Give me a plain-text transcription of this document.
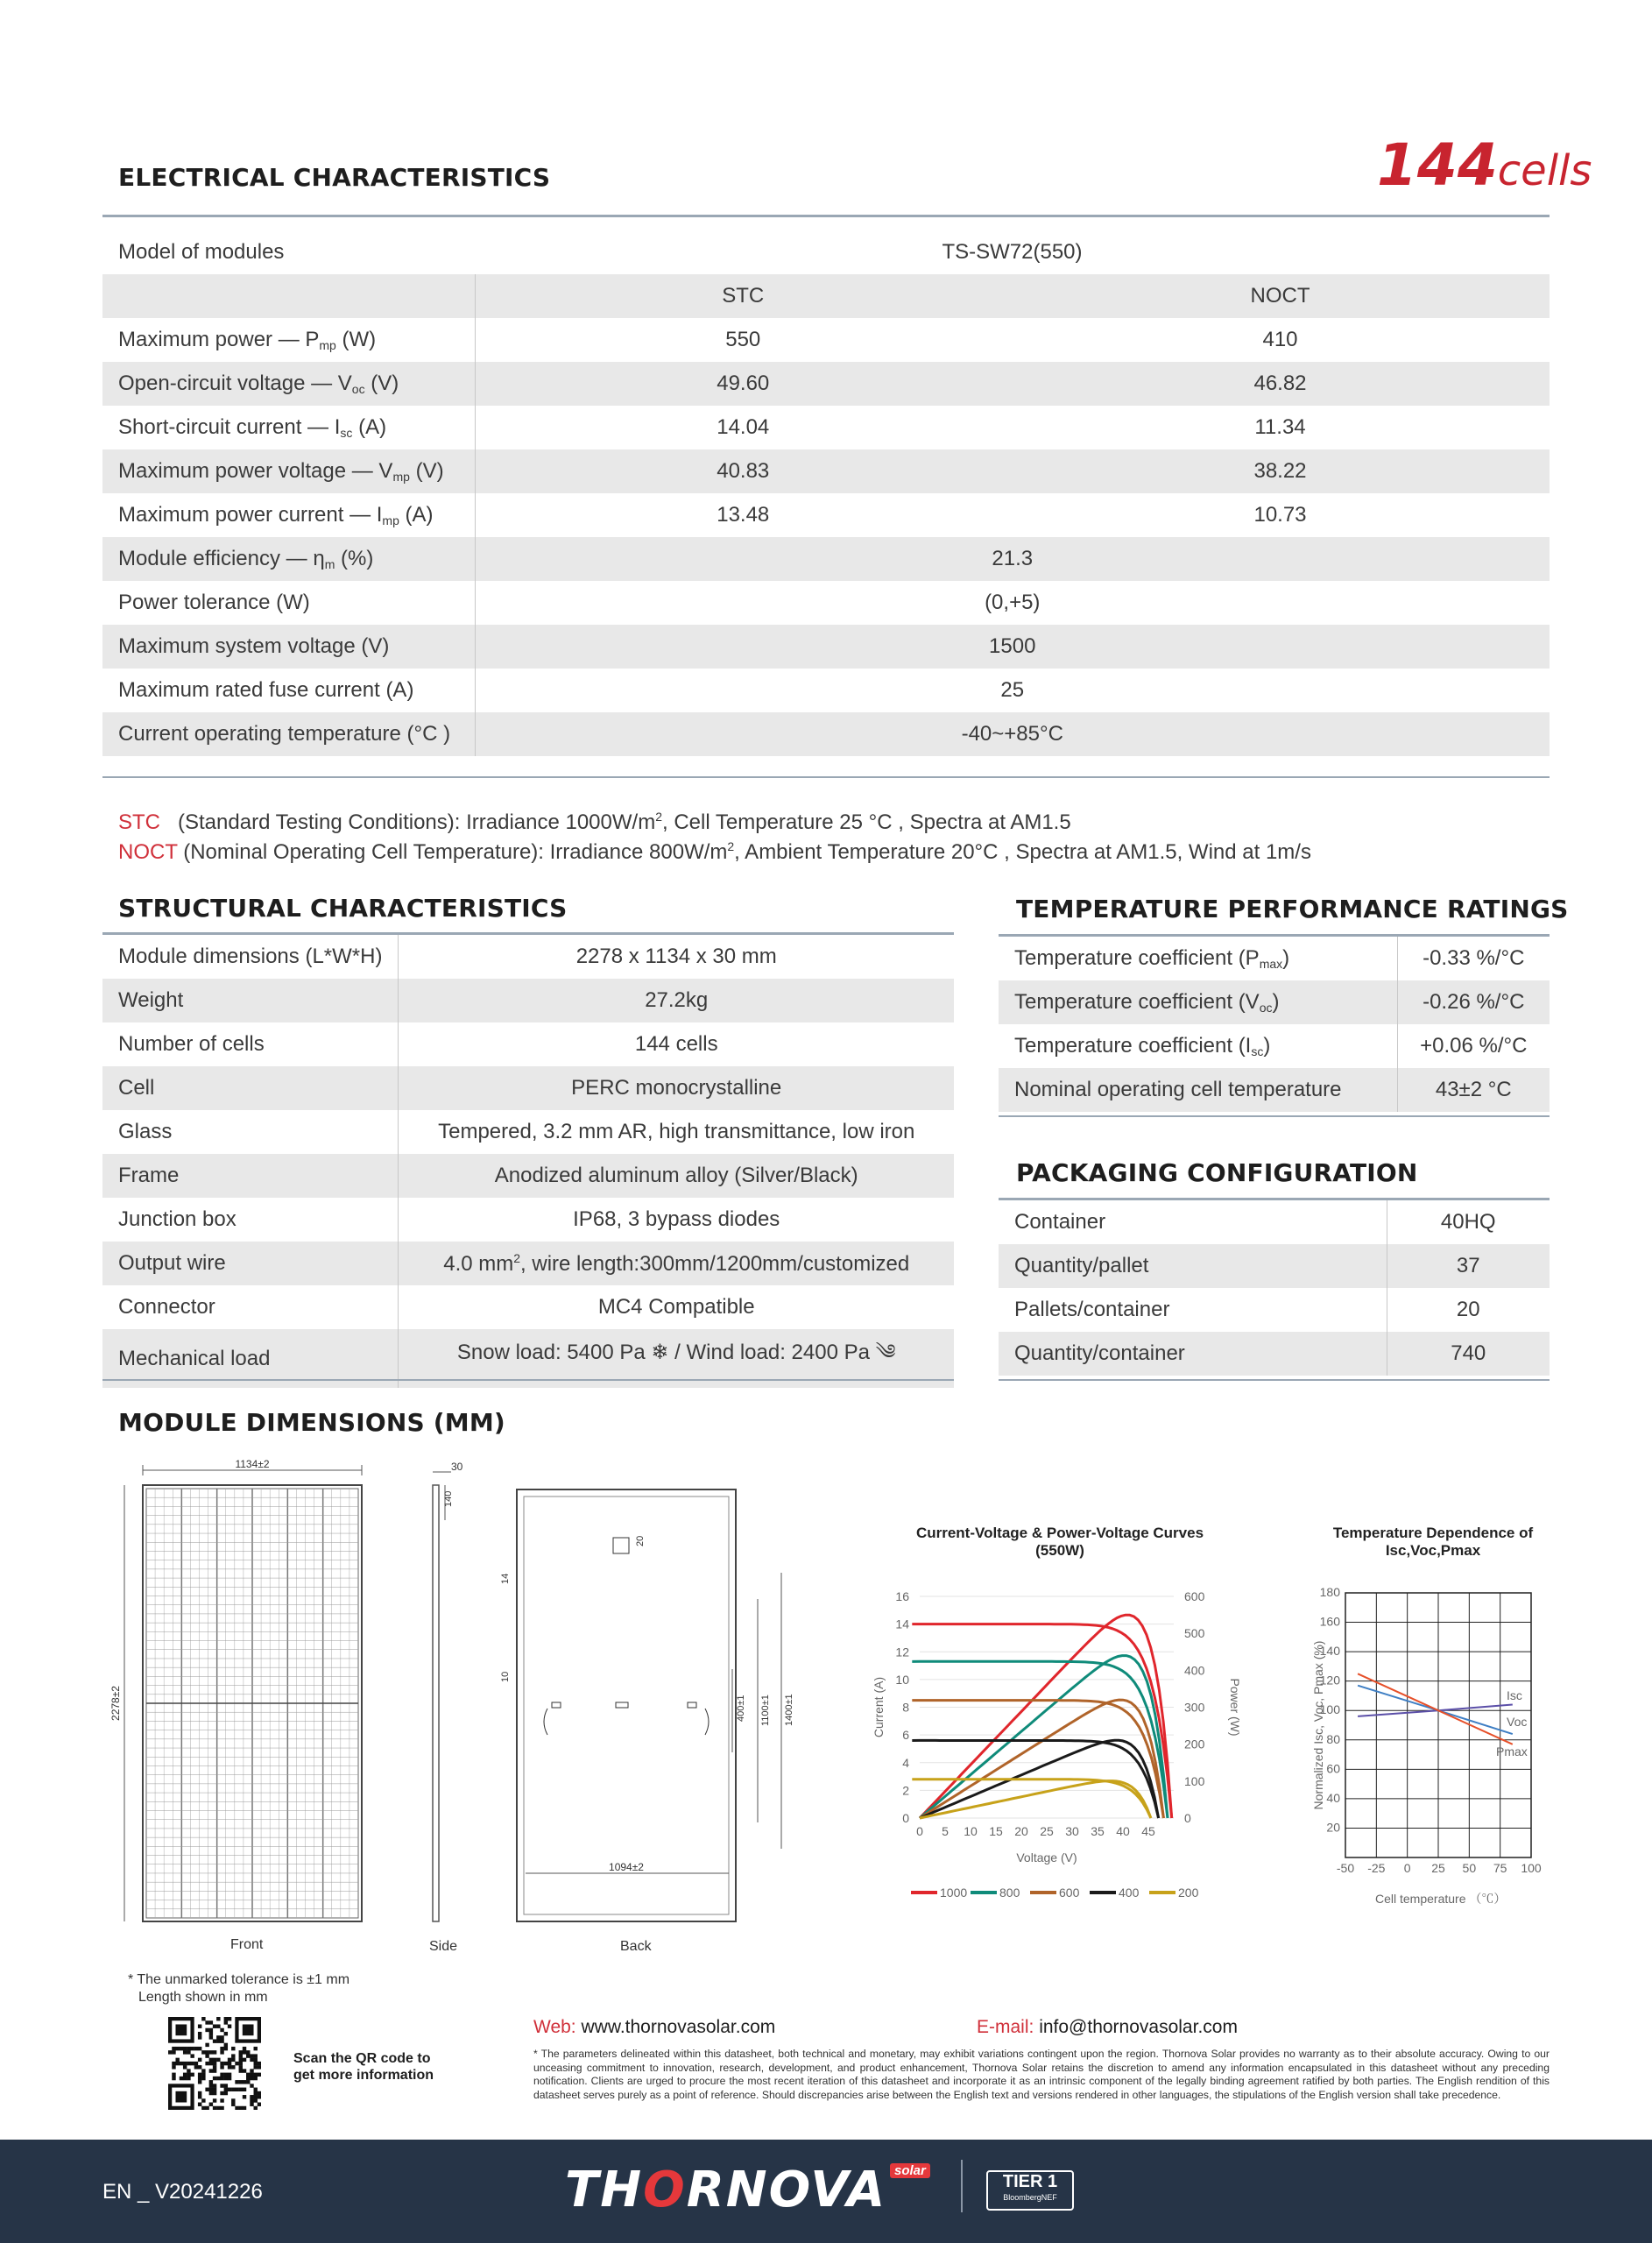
ELECTRICAL CHARACTERISTICS	144cells
Model of modules	TS-SW72(550)	
	STC	NOCT
Maximum power — $P_{mp}$ (W)	550	410
Open-circuit voltage — $V_{oc}$ (V)	49.60	46.82
Short-circuit current — $I_{sc}$ (A)	14.04	11.34
Maximum power voltage — $V_{mp}$ (V)	40.83	38.22
Maximum power current — $I_{mp}$ (A)	13.48	10.73
Module efficiency — $\eta_m$ (%)	21.3	
Power tolerance (W)	(0,+5)	
Maximum system voltage (V)	1500	
Maximum rated fuse current (A)	25	
Current operating temperature (°C )	-40~+85°C	
STC (Standard Testing Conditions): Irradiance $1000W/m^2$, Cell Temperature 25 °C , Spectra at AM1.5
NOCT (Nominal Operating Cell Temperature): Irradiance $800W/m^2$, Ambient Temperature 20°C , Spectra at AM1.5, Wind at 1m/s
STRUCTURAL CHARACTERISTICS
Module dimensions (L*W*H)	2278 x 1134 x 30 mm
Weight	27.2kg
Number of cells	144 cells
Cell	PERC monocrystalline
Glass	Tempered, 3.2 mm AR, high transmittance, low iron
Frame	Anodized aluminum alloy (Silver/Black)
Junction box	IP68, 3 bypass diodes
Output wire	4.0 $mm^2$, wire length:300mm/1200mm/customized
Connector	MC4 Compatible
Mechanical load	Snow load: 5400 Pa ❄ / Wind load: 2400 Pa ༄
TEMPERATURE PERFORMANCE RATINGS
Temperature coefficient $(P_{max})$	-0.33 %/°C
Temperature coefficient $(V_{oc})$	-0.26 %/°C
Temperature coefficient $(I_{sc})$	+0.06 %/°C
Nominal operating cell temperature	43±2 °C
PACKAGING CONFIGURATION
Container	40HQ
Quantity/pallet	37
Pallets/container	20
Quantity/container	740
MODULE DIMENSIONS (MM)
1134±2
2278±2
30
140
20
14
10
400±1 1100±1 1400±1
1094±2
Front	Side	Back
* The unmarked tolerance is ±1 mm
Length shown in mm
Current-Voltage & Power-Voltage Curves (550W)
0
2
4
6
8
10
12
14
16
0
100
200
300
400
500
600
0 5 10 15 20 25 30 35 40 45
Voltage (V)
Current (A)	Power (W)
1000	800	600	400	200
Temperature Dependence of Isc,Voc,Pmax
20
40
60
80
100
120
140
160
180
-50 -25 0 25 50 75 100
Cell temperature （℃）
Normalized Isc, Voc, Pmax (%)	Isc
Voc
Pmax
Scan the QR code to
get more information
Web: www.thornovasolar.com	E-mail: info@thornovasolar.com
* The parameters delineated within this datasheet, both technical and monetary, may exhibit variations contingent upon the region. Thornova Solar provides no warranty as to their absolute accuracy. Owing to our unceasing commitment to innovation, research, development, and product enhancement, Thornova Solar retains the discretion to amend any information encapsulated in this datasheet without any preceding notification. Clients are urged to procure the most recent iteration of this datasheet and incorporate it as an intrinsic component of the legally binding agreement ratified by both parties. The English rendition of this datasheet serves purely as a point of reference. Should discrepancies arise between the English text and versions rendered in other languages, the stipulations of the English version shall take precedence.
EN _ V20241226	THORNOVA solar
TIER 1
BloombergNEF
